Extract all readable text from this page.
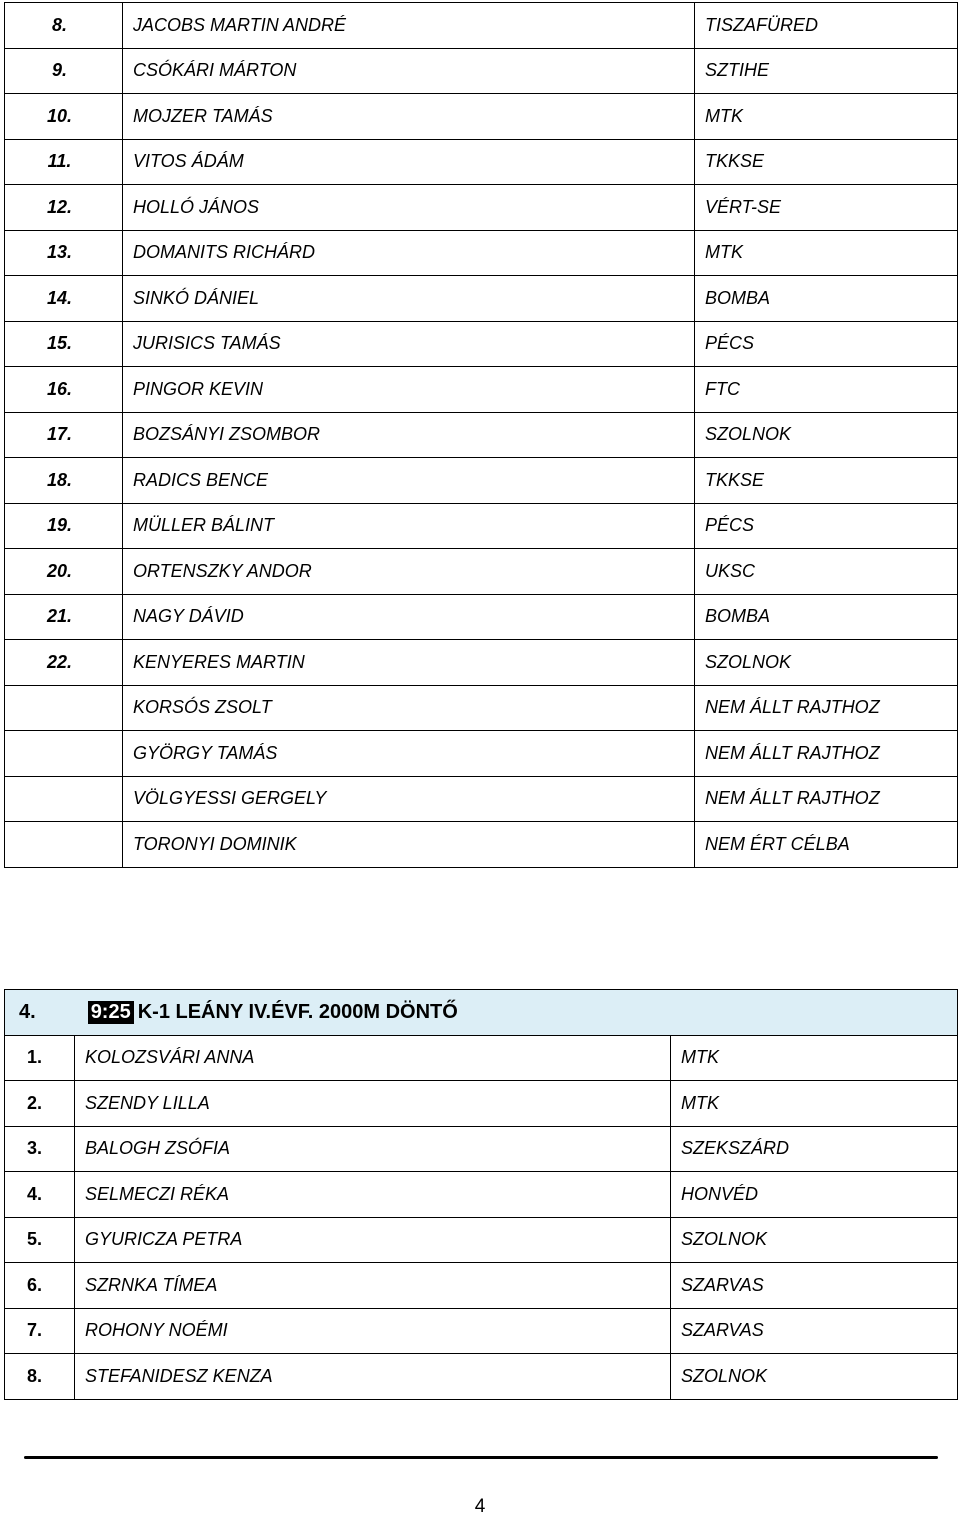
8.	JACOBS MARTIN ANDRÉ	TISZAFÜRED
9.	CSÓKÁRI MÁRTON	SZTIHE
10.	MOJZER TAMÁS	MTK
11.	VITOS ÁDÁM	TKKSE
12.	HOLLÓ JÁNOS	VÉRT-SE
13.	DOMANITS RICHÁRD	MTK
14.	SINKÓ DÁNIEL	BOMBA
15.	JURISICS TAMÁS	PÉCS
16.	PINGOR KEVIN	FTC
17.	BOZSÁNYI ZSOMBOR	SZOLNOK
18.	RADICS BENCE	TKKSE
19.	MÜLLER BÁLINT	PÉCS
20.	ORTENSZKY ANDOR	UKSC
21.	NAGY DÁVID	BOMBA
22.	KENYERES MARTIN	SZOLNOK
	KORSÓS ZSOLT	NEM ÁLLT RAJTHOZ
	GYÖRGY TAMÁS	NEM ÁLLT RAJTHOZ
	VÖLGYESSI GERGELY	NEM ÁLLT RAJTHOZ
	TORONYI DOMINIK	NEM ÉRT CÉLBA
4. 9:25 K-1 LEÁNY IV.ÉVF. 2000M DÖNTŐ		
1.	KOLOZSVÁRI ANNA	MTK
2.	SZENDY LILLA	MTK
3.	BALOGH ZSÓFIA	SZEKSZÁRD
4.	SELMECZI RÉKA	HONVÉD
5.	GYURICZA PETRA	SZOLNOK
6.	SZRNKA TÍMEA	SZARVAS
7.	ROHONY NOÉMI	SZARVAS
8.	STEFANIDESZ KENZA	SZOLNOK
4
